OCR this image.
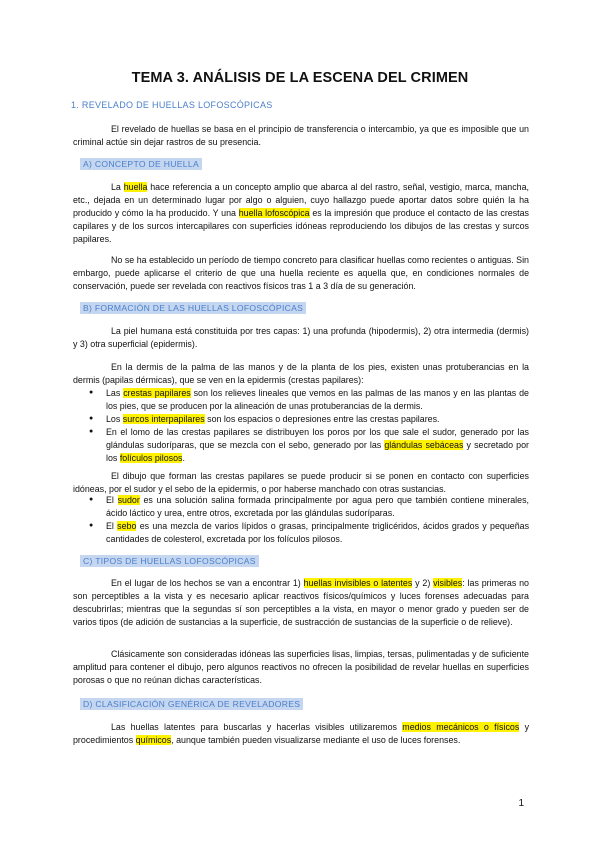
TEMA 3. ANÁLISIS DE LA ESCENA DEL CRIMEN
1. REVELADO DE HUELLAS LOFOSCÓPICAS

El revelado de huellas se basa en el principio de transferencia o intercambio, ya que es imposible que un criminal actúe sin dejar rastros de su presencia.

A) CONCEPTO DE HUELLA

La huella hace referencia a un concepto amplio que abarca al del rastro, señal, vestigio, marca, mancha, etc., dejada en un determinado lugar por algo o alguien, cuyo hallazgo puede aportar datos sobre quién la ha producido y cómo la ha producido. Y una huella lofoscópica es la impresión que produce el contacto de las crestas capilares y de los surcos intercapilares con superficies idóneas reproduciendo los dibujos de las crestas y surcos papilares.

No se ha establecido un período de tiempo concreto para clasificar huellas como recientes o antiguas. Sin embargo, puede aplicarse el criterio de que una huella reciente es aquella que, en condiciones normales de conservación, puede ser revelada con reactivos físicos tras 1 a 3 día de su generación.

B) FORMACIÓN DE LAS HUELLAS LOFOSCÓPICAS

La piel humana está constituida por tres capas: 1) una profunda (hipodermis), 2) otra intermedia (dermis) y 3) otra superficial (epidermis).

En la dermis de la palma de las manos y de la planta de los pies, existen unas protuberancias en la dermis (papilas dérmicas), que se ven en la epidermis (crestas papilares):

● Las crestas papilares son los relieves lineales que vemos en las palmas de las manos y en las plantas de los pies, que se producen por la alineación de unas protuberancias de la dermis.
● Los surcos interpapilares son los espacios o depresiones entre las crestas papilares.
● En el lomo de las crestas papilares se distribuyen los poros por los que sale el sudor, generado por las glándulas sudoríparas, que se mezcla con el sebo, generado por las glándulas sebáceas y secretado por los folículos pilosos.

El dibujo que forman las crestas papilares se puede producir si se ponen en contacto con superficies idóneas, por el sudor y el sebo de la epidermis, o por haberse manchado con otras sustancias.

● El sudor es una solución salina formada principalmente por agua pero que también contiene minerales, ácido láctico y urea, entre otros, excretada por las glándulas sudoríparas.
● El sebo es una mezcla de varios lípidos o grasas, principalmente triglicéridos, ácidos grados y pequeñas cantidades de colesterol, excretada por los folículos pilosos.
C) TIPOS DE HUELLAS LOFOSCÓPICAS

En el lugar de los hechos se van a encontrar 1) huellas invisibles o latentes y 2) visibles: las primeras no son perceptibles a la vista y es necesario aplicar reactivos físicos/químicos y luces forenses adecuadas para descubrirlas; mientras que la segundas sí son perceptibles a la vista, en mayor o menor grado y pueden ser de varios tipos (de adición de sustancias a la superficie, de sustracción de sustancias de la superficie o de relieve).

Clásicamente son consideradas idóneas las superficies lisas, limpias, tersas, pulimentadas y de suficiente amplitud para contener el dibujo, pero algunos reactivos no ofrecen la posibilidad de revelar huellas en superficies porosas o que no reúnan dichas características.

D) CLASIFICACIÓN GENÉRICA DE REVELADORES

Las huellas latentes para buscarlas y hacerlas visibles utilizaremos medios mecánicos o físicos y procedimientos químicos, aunque también pueden visualizarse mediante el uso de luces forenses.

1
